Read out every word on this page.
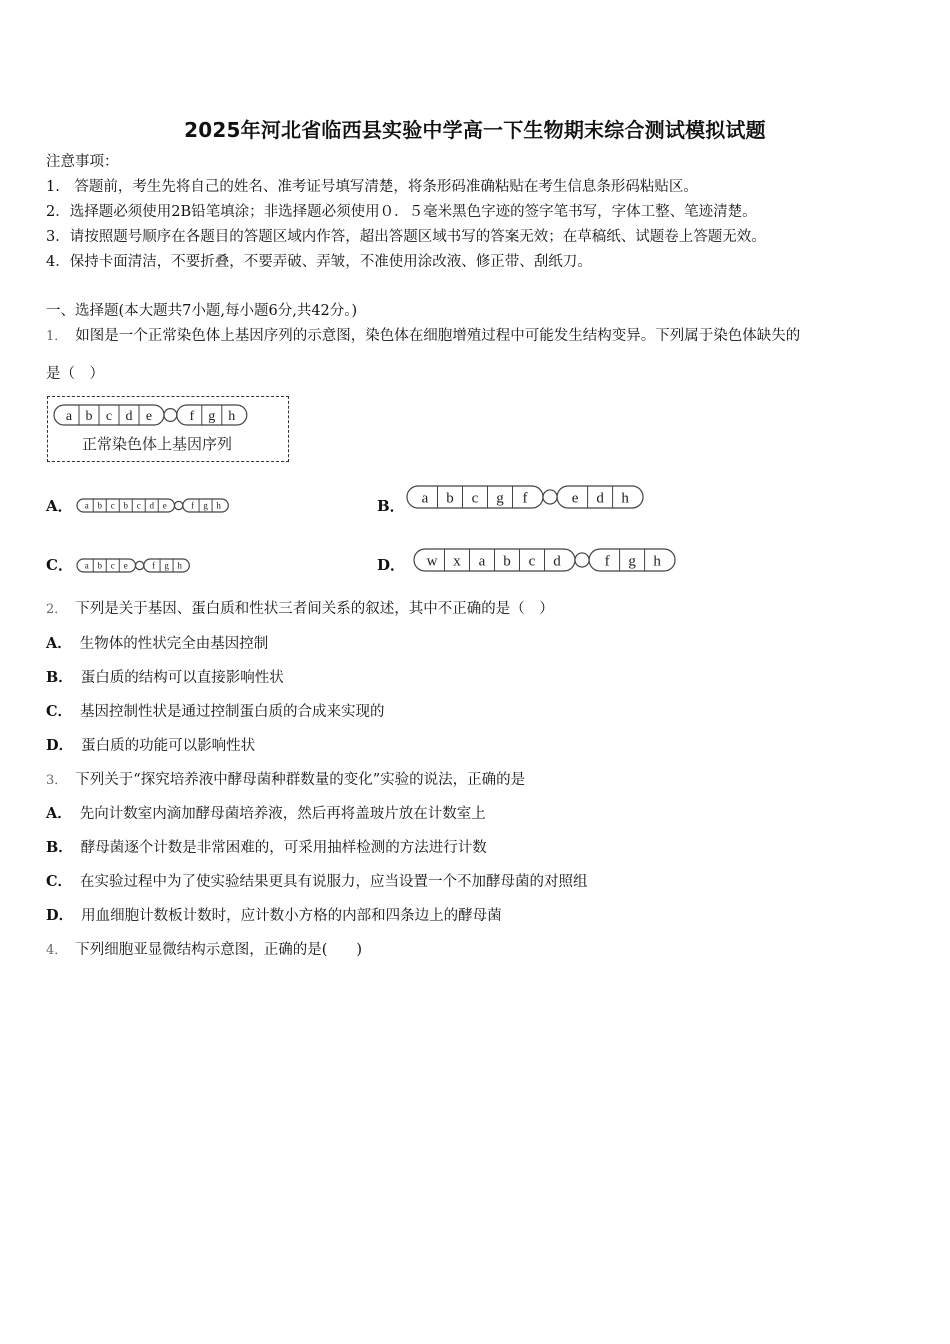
2025年河北省临西县实验中学高一下生物期末综合测试模拟试题
注意事项：
1.　答题前，考生先将自己的姓名、准考证号填写清楚，将条形码准确粘贴在考生信息条形码粘贴区。
2．选择题必须使用2B铅笔填涂；非选择题必须使用０．５毫米黑色字迹的签字笔书写，字体工整、笔迹清楚。
3．请按照题号顺序在各题目的答题区域内作答，超出答题区域书写的答案无效；在草稿纸、试题卷上答题无效。
4．保持卡面清洁，不要折叠，不要弄破、弄皱，不准使用涂改液、修正带、刮纸刀。
一、选择题(本大题共7小题,每小题6分,共42分。)
1． 如图是一个正常染色体上基因序列的示意图，染色体在细胞增殖过程中可能发生结构变异。下列属于染色体缺失的
是（　）
a b c d e	f g h
正常染色体上基因序列
A． a b c b c d e	f g h	B． a b c g f	e d h
C． a b c e	f g h	D． w x a b c d	f g h
2． 下列是关于基因、蛋白质和性状三者间关系的叙述，其中不正确的是（　）
A． 生物体的性状完全由基因控制
B． 蛋白质的结构可以直接影响性状
C． 基因控制性状是通过控制蛋白质的合成来实现的
D． 蛋白质的功能可以影响性状
3． 下列关于“探究培养液中酵母菌种群数量的变化”实验的说法，正确的是
A． 先向计数室内滴加酵母菌培养液，然后再将盖玻片放在计数室上
B． 酵母菌逐个计数是非常困难的，可采用抽样检测的方法进行计数
C． 在实验过程中为了使实验结果更具有说服力，应当设置一个不加酵母菌的对照组
D． 用血细胞计数板计数时，应计数小方格的内部和四条边上的酵母菌
4． 下列细胞亚显微结构示意图，正确的是(　　)
